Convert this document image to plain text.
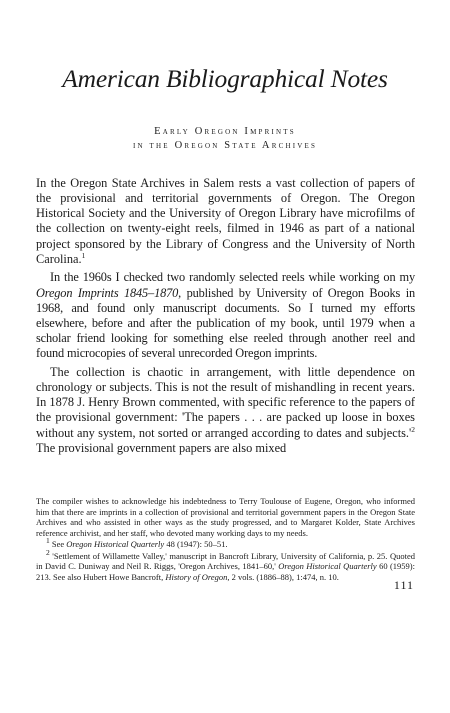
American Bibliographical Notes
Early Oregon Imprints
in the Oregon State Archives

In the Oregon State Archives in Salem rests a vast collection of papers of the provisional and territorial governments of Oregon. The Oregon Historical Society and the University of Oregon Library have microfilms of the collection on twenty-eight reels, filmed in 1946 as part of a national project sponsored by the Library of Congress and the University of North Carolina.$^1$

In the 1960s I checked two randomly selected reels while working on my Oregon Imprints 1845–1870, published by University of Oregon Books in 1968, and found only manuscript documents. So I turned my efforts elsewhere, before and after the publication of my book, until 1979 when a scholar friend looking for something else reeled through another reel and found microcopies of several unrecorded Oregon imprints.

The collection is chaotic in arrangement, with little dependence on chronology or subjects. This is not the result of mishandling in recent years. In 1878 J. Henry Brown commented, with specific reference to the papers of the provisional government: 'The papers . . . are packed up loose in boxes without any system, not sorted or arranged according to dates and $subjects.'^2$ The provisional government papers are also mixed

The compiler wishes to acknowledge his indebtedness to Terry Toulouse of Eugene, Oregon, who informed him that there are imprints in a collection of provisional and territorial government papers in the Oregon State Archives and who assisted in other ways as the study progressed, and to Margaret Kolder, State Archives reference archivist, and her staff, who devoted many working days to my needs.

1 See Oregon Historical Quarterly 48 (1947): 50–51.

2 'Settlement of Willamette Valley,' manuscript in Bancroft Library, University of California, p. 25. Quoted in David C. Duniway and Neil R. Riggs, 'Oregon Archives, 1841–60,' Oregon Historical Quarterly 60 (1959): 213. See also Hubert Howe Bancroft, History of Oregon, 2 vols. (1886–88), 1:474, n. 10.

111
